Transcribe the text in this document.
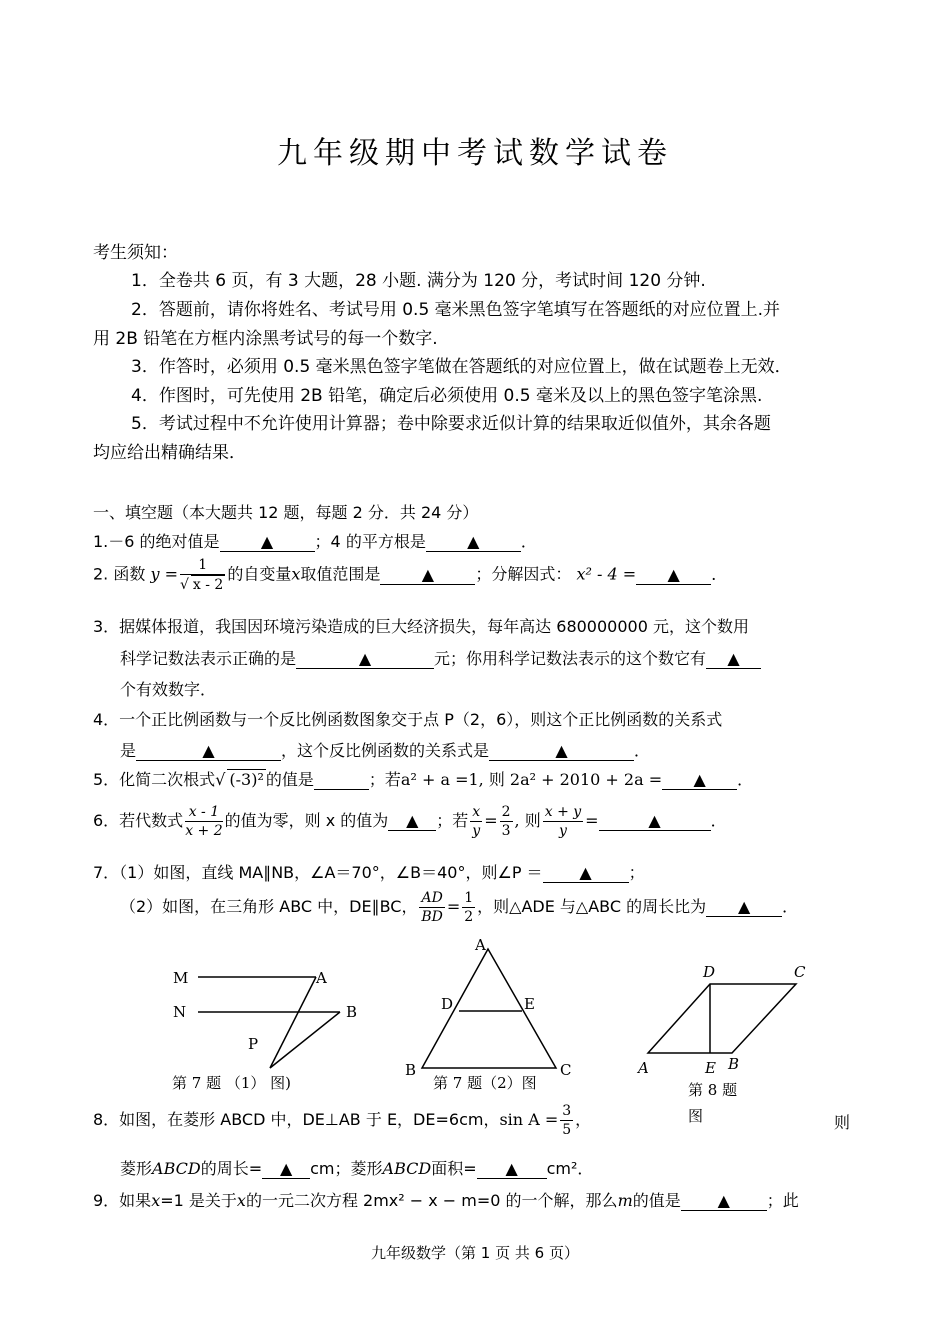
九年级期中考试数学试卷
考生须知：
1．全卷共 6 页，有 3 大题，28 小题. 满分为 120 分，考试时间 120 分钟.
2．答题前，请你将姓名、考试号用 0.5 毫米黑色签字笔填写在答题纸的对应位置上.并
用 2B 铅笔在方框内涂黑考试号的每一个数字.
3．作答时，必须用 0.5 毫米黑色签字笔做在答题纸的对应位置上，做在试题卷上无效．
4．作图时，可先使用 2B 铅笔，确定后必须使用 0.5 毫米及以上的黑色签字笔涂黑.
5．考试过程中不允许使用计算器；卷中除要求近似计算的结果取近似值外，其余各题
均应给出精确结果．
一、填空题（本大题共 12 题，每题 2 分．共 24 分）
1.－6 的绝对值是	▲	；4 的平方根是	▲	．
2. 函数 $y = \frac{1}{√ x - 2}$ 的自变量x取值范围是	▲	；分解因式： x² - 4 = ▲ ．
3．据媒体报道，我国因环境污染造成的巨大经济损失，每年高达 680000000 元，这个数用
科学记数法表示正确的是	▲	元；你用科学记数法表示的这个数它有 ▲
个有效数字．
4．一个正比例函数与一个反比例函数图象交于点 P（2，6），则这个正比例函数的关系式
是	▲	，这个反比例函数的关系式是	▲	．
5．化简二次根式√ (-3)² 的值是	；若a² + a =1, 则 2a² + 2010 + 2a = ▲ ．
6．若代数式 $\frac{x - 1}{x + 2}$ 的值为零，则 x 的值为 ▲ ；若 $\frac{x}{y} = \frac{2}{3}$ , 则 $\frac{x + y}{y}$ =	▲	．
7．（1）如图，直线 MA∥NB，∠A＝70°，∠B＝40°，则∠P ＝ ▲ ；
（2）如图，在三角形 ABC 中，DE∥BC， $\frac{AD}{BD} = \frac{1}{2}$ ，则△ADE 与△ABC 的周长比为 ▲ ．
M	A
N	B
P
第 7 题 （1） 图)
A
D	E
B	C
第 7 题（2）图
D	C
A	E B
第 8 题
图
8．如图，在菱形 ABCD 中，DE⊥AB 于 E，DE=6cm，$\sin A = \frac{3}{5}$ ，	则
菱形ABCD的周长= ▲ cm；菱形ABCD面积= ▲ cm²．
9．如果x=1 是关于x的一元二次方程 2mx² − x − m=0 的一个解，那么m的值是 ▲ ；此
九年级数学（第 1 页 共 6 页）
